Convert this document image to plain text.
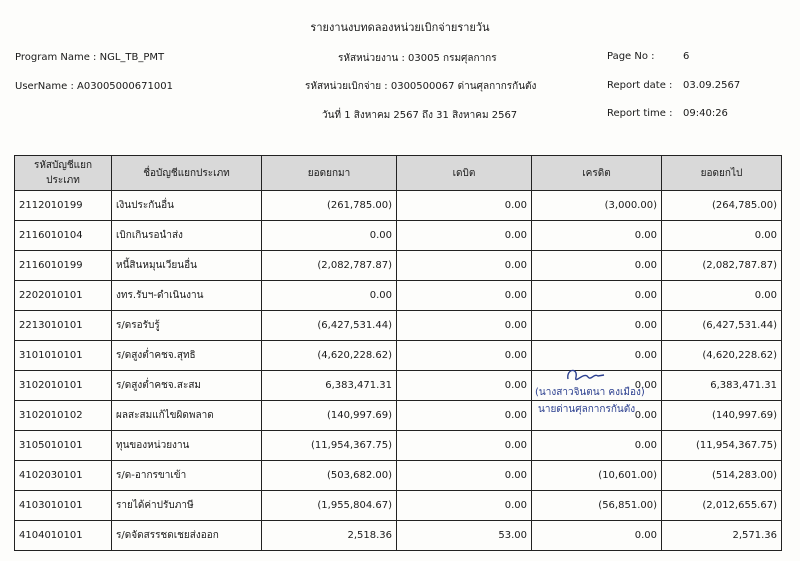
รายงานงบทดลองหน่วยเบิกจ่ายรายวัน
Program Name : NGL_TB_PMT
UserName : A03005000671001
รหัสหน่วยงาน : 03005 กรมศุลกากร
รหัสหน่วยเบิกจ่าย : 0300500067 ด่านศุลกากรกันตัง
วันที่ 1 สิงหาคม 2567 ถึง 31 สิงหาคม 2567
Page No :	6
Report date : 03.09.2567
Report time : 09:40:26
รหัสบัญชีแยกประเภท	ชื่อบัญชีแยกประเภท	ยอดยกมา	เดบิต	เครดิต	ยอดยกไป
2112010199	เงินประกันอื่น	(261,785.00)	0.00	(3,000.00)	(264,785.00)
2116010104	เบิกเกินรอนำส่ง	0.00	0.00	0.00	0.00
2116010199	หนี้สินหมุนเวียนอื่น	(2,082,787.87)	0.00	0.00	(2,082,787.87)
2202010101	งทร.รับฯ-ดำเนินงาน	0.00	0.00	0.00	0.00
2213010101	ร/ดรอรับรู้	(6,427,531.44)	0.00	0.00	(6,427,531.44)
3101010101	ร/ดสูงต่ำคชจ.สุทธิ	(4,620,228.62)	0.00	0.00	(4,620,228.62)
3102010101	ร/ดสูงต่ำคชจ.สะสม	6,383,471.31	0.00	0.00	6,383,471.31
3102010102	ผลสะสมแก้ไขผิดพลาด	(140,997.69)	0.00	0.00	(140,997.69)
3105010101	ทุนของหน่วยงาน	(11,954,367.75)	0.00	0.00	(11,954,367.75)
4102030101	ร/ด-อากรขาเข้า	(503,682.00)	0.00	(10,601.00)	(514,283.00)
4103010101	รายได้ค่าปรับภาษี	(1,955,804.67)	0.00	(56,851.00)	(2,012,655.67)
4104010101	ร/ดจัดสรรชดเชยส่งออก	2,518.36	53.00	0.00	2,571.36
(นางสาวจินตนา คงเมือง)
นายด่านศุลกากรกันตัง
